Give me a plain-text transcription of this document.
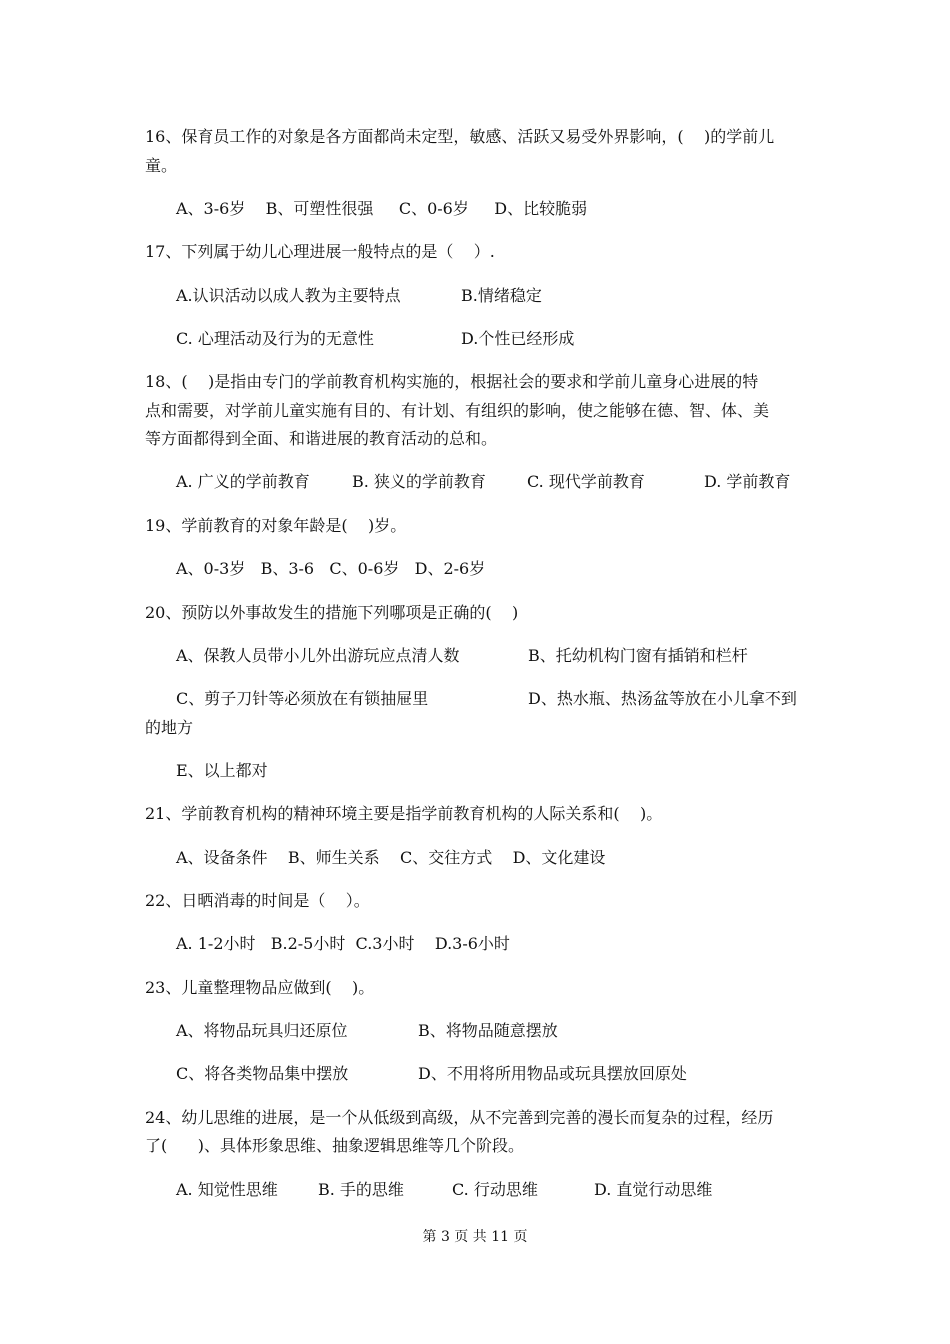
16、保育员工作的对象是各方面都尚未定型，敏感、活跃又易受外界影响，(    )的学前儿
童。
A、3-6岁    B、可塑性很强     C、0-6岁     D、比较脆弱
17、下列属于幼儿心理进展一般特点的是（    ）.
A.认识活动以成人教为主要特点	B.情绪稳定
C. 心理活动及行为的无意性	D.个性已经形成
18、(    )是指由专门的学前教育机构实施的，根据社会的要求和学前儿童身心进展的特
点和需要，对学前儿童实施有目的、有计划、有组织的影响，使之能够在德、智、体、美
等方面都得到全面、和谐进展的教育活动的总和。
A. 广义的学前教育	B. 狭义的学前教育	C. 现代学前教育	D. 学前教育
19、学前教育的对象年龄是(    )岁。
A、0-3岁   B、3-6   C、0-6岁   D、2-6岁
20、预防以外事故发生的措施下列哪项是正确的(    )
A、保教人员带小儿外出游玩应点清人数	B、托幼机构门窗有插销和栏杆
C、剪子刀针等必须放在有锁抽屉里	D、热水瓶、热汤盆等放在小儿拿不到
的地方
E、以上都对
21、学前教育机构的精神环境主要是指学前教育机构的人际关系和(    )。
A、设备条件    B、师生关系    C、交往方式    D、文化建设
22、日晒消毒的时间是（    ）。
A. 1-2小时   B.2-5小时  C.3小时    D.3-6小时
23、儿童整理物品应做到(    )。
A、将物品玩具归还原位	B、将物品随意摆放
C、将各类物品集中摆放	D、不用将所用物品或玩具摆放回原处
24、幼儿思维的进展，是一个从低级到高级，从不完善到完善的漫长而复杂的过程，经历
了(      )、具体形象思维、抽象逻辑思维等几个阶段。
A. 知觉性思维	B. 手的思维	C. 行动思维	D. 直觉行动思维
第 3 页 共 11 页
